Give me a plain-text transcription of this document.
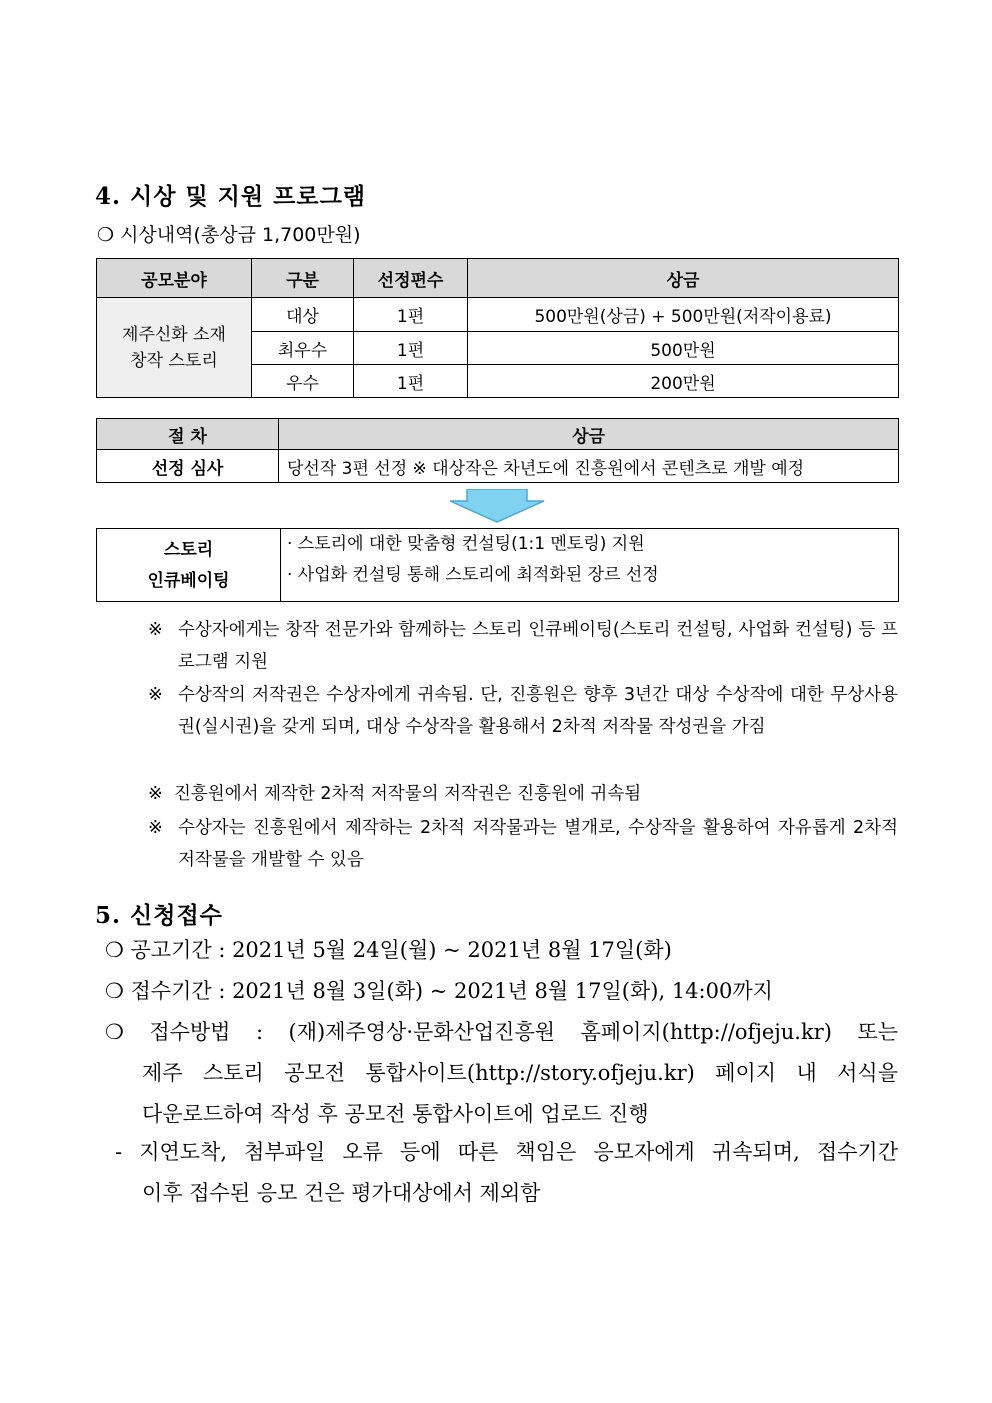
4. 시상 및 지원 프로그램
❍ 시상내역(총상금 1,700만원)
공모분야	구분	선정편수	상금

제주신화 소재
창작 스토리	대상	1편	500만원(상금) + 500만원(저작이용료)
	최우수	1편	500만원
	우수	1편	200만원
절 차	상금
선정 심사	당선작 3편 선정 ※ 대상작은 차년도에 진흥원에서 콘텐츠로 개발 예정
스토리
인큐베이팅
· 스토리에 대한 맞춤형 컨설팅(1:1 멘토링) 지원
· 사업화 컨설팅 통해 스토리에 최적화된 장르 선정
※ 수상자에게는 창작 전문가와 함께하는 스토리 인큐베이팅(스토리 컨설팅, 사업화 컨설팅) 등 프로그램 지원
※ 수상작의 저작권은 수상자에게 귀속됨. 단, 진흥원은 향후 3년간 대상 수상작에 대한 무상사용권(실시권)을 갖게 되며, 대상 수상작을 활용해서 2차적 저작물 작성권을 가짐
※ 진흥원에서 제작한 2차적 저작물의 저작권은 진흥원에 귀속됨
※ 수상자는 진흥원에서 제작하는 2차적 저작물과는 별개로, 수상작을 활용하여 자유롭게 2차적 저작물을 개발할 수 있음
5. 신청접수
❍ 공고기간 : 2021년 5월 24일(월) ~ 2021년 8월 17일(화)
❍ 접수기간 : 2021년 8월 3일(화) ~ 2021년 8월 17일(화), 14:00까지
❍ 접수방법 : (재)제주영상·문화산업진흥원 홈페이지(http://ofjeju.kr) 또는
제주 스토리 공모전 통합사이트(http://story.ofjeju.kr) 페이지 내 서식을
다운로드하여 작성 후 공모전 통합사이트에 업로드 진행
- 지연도착, 첨부파일 오류 등에 따른 책임은 응모자에게 귀속되며, 접수기간
이후 접수된 응모 건은 평가대상에서 제외함
